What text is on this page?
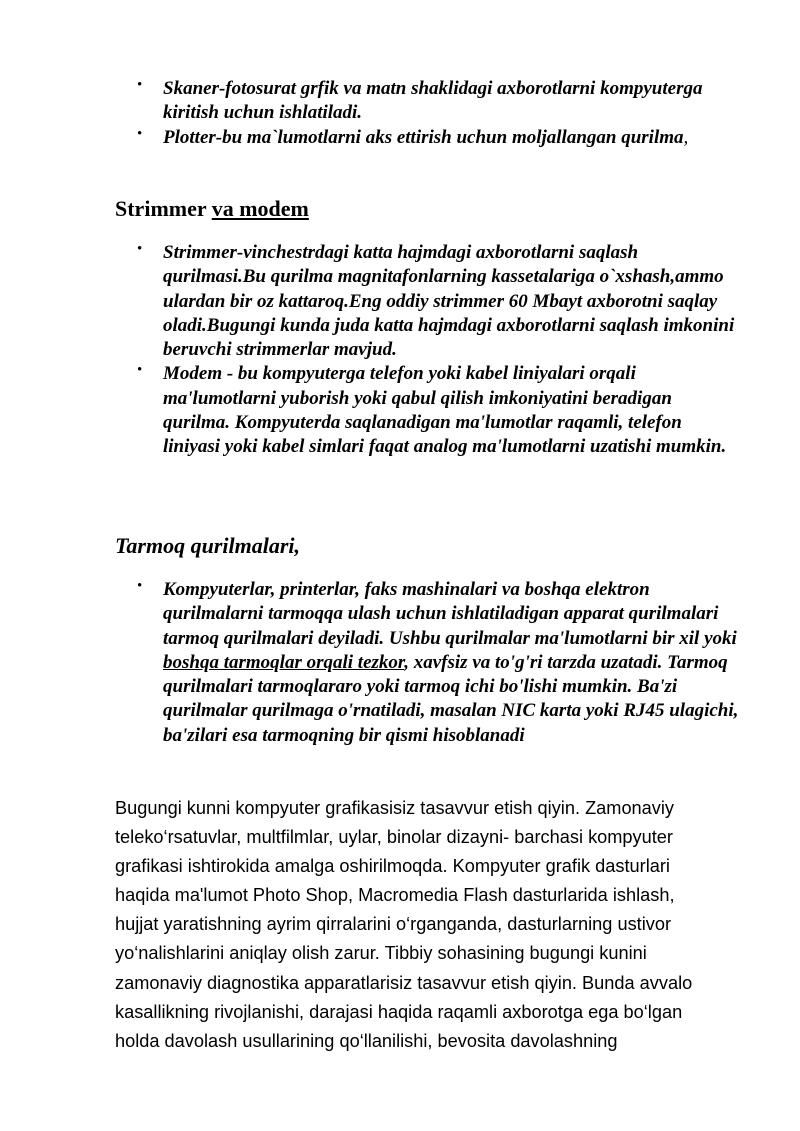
• Skaner-fotosurat grfik va matn shaklidagi axborotlarni kompyuterga kiritish uchun ishlatiladi.

• Plotter-bu ma`lumotlarni aks ettirish uchun moljallangan qurilma,

Strimmer va modem
• Strimmer-vinchestrdagi katta hajmdagi axborotlarni saqlash qurilmasi.Bu qurilma magnitafonlarning kassetalariga o`xshash,ammo ulardan bir oz kattaroq.Eng oddiy strimmer 60 Mbayt axborotni saqlay oladi.Bugungi kunda juda katta hajmdagi axborotlarni saqlash imkonini beruvchi strimmerlar mavjud.

• Modem - bu kompyuterga telefon yoki kabel liniyalari orqali ma'lumotlarni yuborish yoki qabul qilish imkoniyatini beradigan qurilma. Kompyuterda saqlanadigan ma'lumotlar raqamli, telefon liniyasi yoki kabel simlari faqat analog ma'lumotlarni uzatishi mumkin.

Tarmoq qurilmalari,
• Kompyuterlar, printerlar, faks mashinalari va boshqa elektron qurilmalarni tarmoqqa ulash uchun ishlatiladigan apparat qurilmalari tarmoq qurilmalari deyiladi. Ushbu qurilmalar ma'lumotlarni bir xil yoki boshqa tarmoqlar orqali tezkor, xavfsiz va to'g'ri tarzda uzatadi. Tarmoq qurilmalari tarmoqlararo yoki tarmoq ichi bo'lishi mumkin. Ba'zi qurilmalar qurilmaga o'rnatiladi, masalan NIC karta yoki RJ45 ulagichi, ba'zilari esa tarmoqning bir qismi hisoblanadi

Bugungi kunni kompyuter grafikasisiz tasavvur etish qiyin. Zamonaviy
teleko‘rsatuvlar, multfilmlar, uylar, binolar dizayni- barchasi kompyuter
grafikasi ishtirokida amalga oshirilmoqda. Kompyuter grafik dasturlari
haqida ma'lumot Photo Shop, Macromedia Flash dasturlarida ishlash,
hujjat yaratishning ayrim qirralarini o‘rganganda, dasturlarning ustivor
yo‘nalishlarini aniqlay olish zarur. Tibbiy sohasining bugungi kunini
zamonaviy diagnostika apparatlarisiz tasavvur etish qiyin. Bunda avvalo
kasallikning rivojlanishi, darajasi haqida raqamli axborotga ega bo‘lgan
holda davolash usullarining qo‘llanilishi, bevosita davolashning
